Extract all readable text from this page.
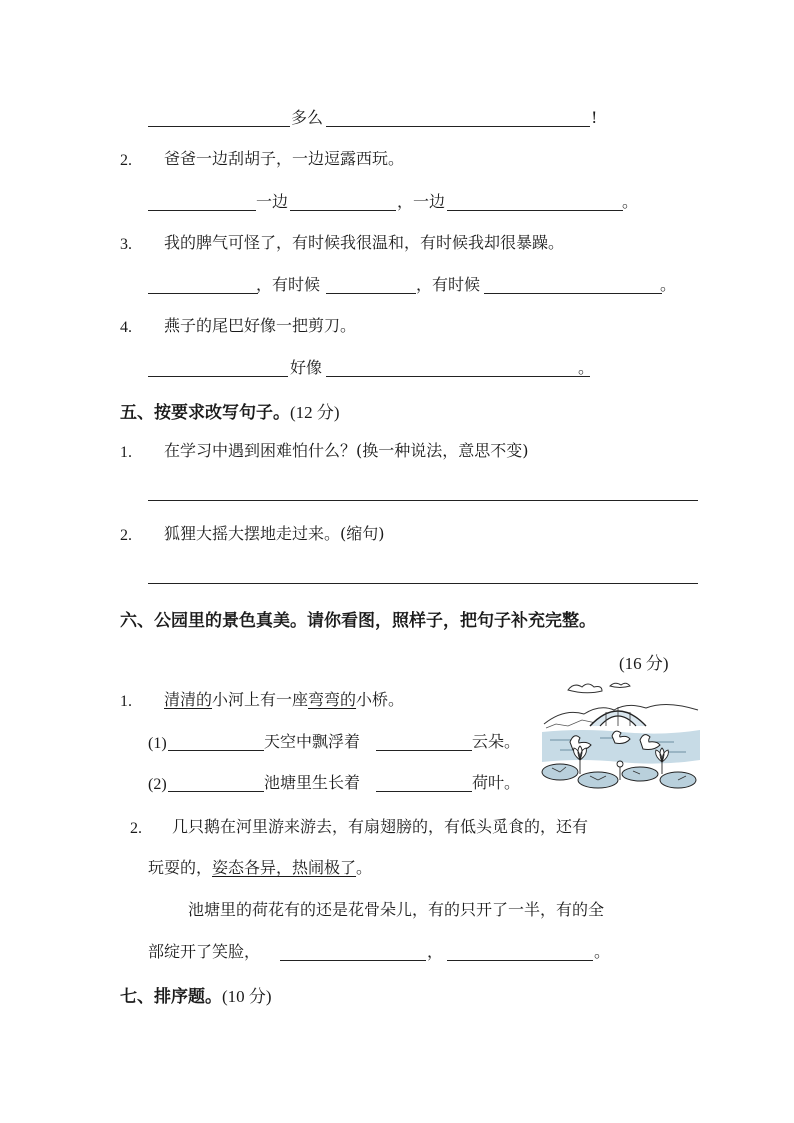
多么	!
2. 爸爸一边刮胡子，一边逗露西玩。
一边	，一边	。
3. 我的脾气可怪了，有时候我很温和，有时候我却很暴躁。
，有时候	，有时候	。
4. 燕子的尾巴好像一把剪刀。
好像	。
五、按要求改写句子。(12 分)
1. 在学习中遇到困难怕什么？(换一种说法，意思不变)
2. 狐狸大摇大摆地走过来。(缩句)
六、公园里的景色真美。请你看图，照样子，把句子补充完整。
(16 分)
1. 清清的小河上有一座弯弯的小桥。
(1)	天空中飘浮着	云朵。
(2)	池塘里生长着	荷叶。
2. 几只鹅在河里游来游去，有扇翅膀的，有低头觅食的，还有
玩耍的，姿态各异，热闹极了。
池塘里的荷花有的还是花骨朵儿，有的只开了一半，有的全
部绽开了笑脸，	，	。
七、排序题。(10 分)
